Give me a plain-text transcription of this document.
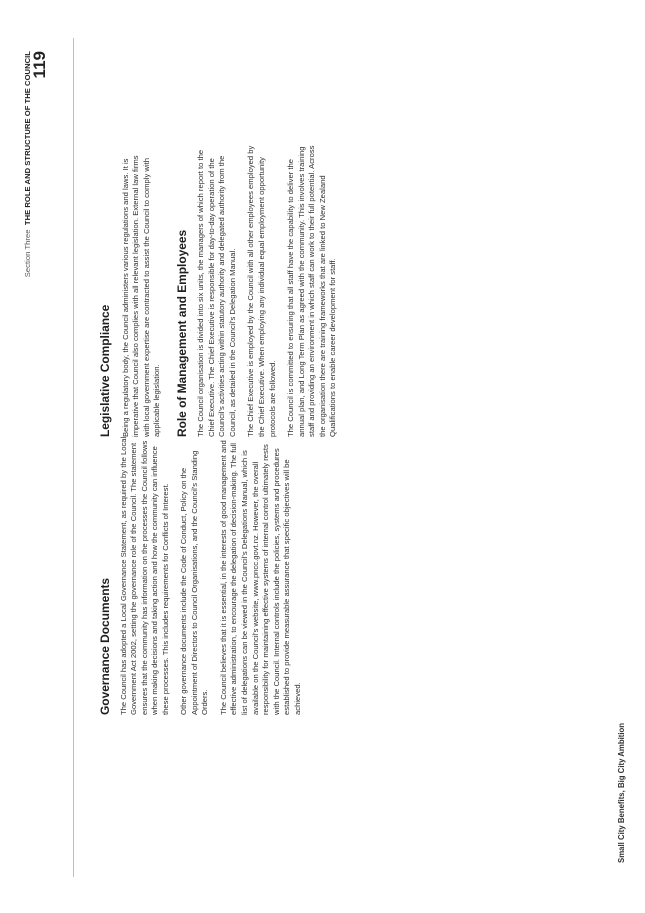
Section Three  THE ROLE AND STRUCTURE OF THE COUNCIL
119
Governance Documents The Council has adopted a Local Governance Statement, as required by the Local Government Act 2002, setting the governance role of the Council. The statement ensures that the community has information on the processes the Council follows when making decisions and taking action and how the community can influence these processes. This includes requirements for Conflicts of Interest. Other governance documents include the Code of Conduct, Policy on the Appointment of Directors to Council Organisations, and the Council's Standing Orders. The Council believes that it is essential, in the interests of good management and effective administration, to encourage the delegation of decision-making. The full list of delegations can be viewed in the Council's Delegations Manual, which is available on the Council's website, www.pncc.govt.nz. However, the overall responsibility for maintaining effective systems of internal control ultimately rests with the Council. Internal controls include the policies, systems and procedures established to provide measurable assurance that specific objectives will be achieved.

Legislative Compliance Being a regulatory body, the Council administers various regulations and laws. It is imperative that Council also complies with all relevant legislation. External law firms with local government expertise are contracted to assist the Council to comply with applicable legislation. Role of Management and Employees The Council organisation is divided into six units, the managers of which report to the Chief Executive. The Chief Executive is responsible for day-to-day operation of the Council's activities acting within statutory authority and delegated authority from the Council, as detailed in the Council's Delegation Manual. The Chief Executive is employed by the Council with all other employees employed by the Chief Executive. When employing any individual equal employment opportunity protocols are followed. The Council is committed to ensuring that all staff have the capability to deliver the annual plan, and Long Term Plan as agreed with the community. This involves training staff and providing an environment in which staff can work to their full potential. Across the organisation there are training frameworks that are linked to New Zealand Qualifications to enable career development for staff.

Small City Benefits, Big City Ambition
